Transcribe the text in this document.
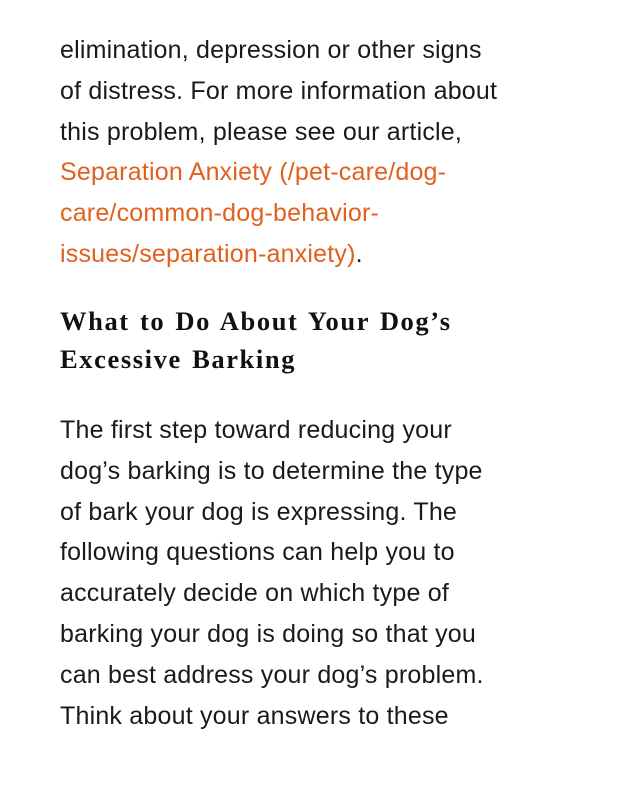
elimination, depression or other signs
of distress. For more information about
this problem, please see our article,
Separation Anxiety (/pet-care/dog-
care/common-dog-behavior-
issues/separation-anxiety).

What to Do About Your Dog’s
Excessive Barking

The first step toward reducing your
dog’s barking is to determine the type
of bark your dog is expressing. The
following questions can help you to
accurately decide on which type of
barking your dog is doing so that you
can best address your dog’s problem.
Think about your answers to these
